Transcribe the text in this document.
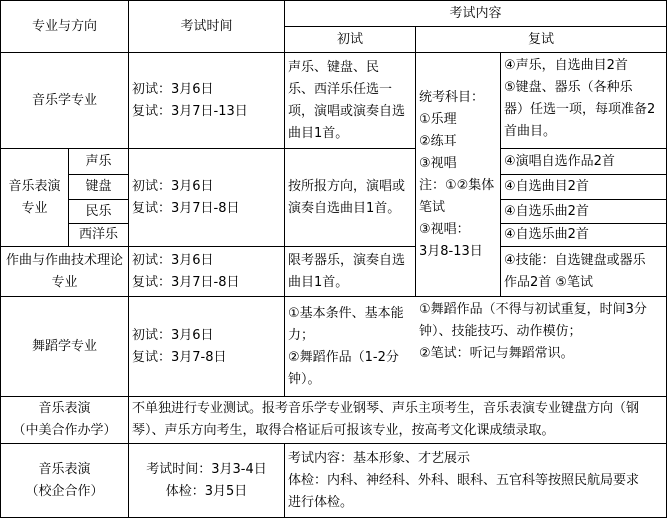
专业与方向	考试时间
考试内容
初试	复试
音乐学专业
初试：3月6日
复试：3月7日-13日
声乐、键盘、民
乐、西洋乐任选一
项，演唱或演奏自选
曲目1首。
④声乐，自选曲目2首
⑤键盘、器乐（各种乐
器）任选一项，每项准备2
首曲目。
统考科目：
①乐理
②练耳
③视唱
注：①②集体
笔试
③视唱：
3月8-13日
音乐表演
专业
声乐
键盘
民乐
西洋乐
初试：3月6日
复试：3月7日-8日
按所报方向，演唱或
演奏自选曲目1首。
④演唱自选作品2首
④自选曲目2首
④自选乐曲2首
④自选乐曲2首
作曲与作曲技术理论
专业
初试：3月6日
复试：3月7日-8日
限考器乐，演奏自选
曲目1首。
④技能：自选键盘或器乐
作品2首 ⑤笔试
舞蹈学专业
初试：3月6日
复试：3月7-8日
①基本条件、基本能
力；
②舞蹈作品（1-2分
钟）。
①舞蹈作品（不得与初试重复，时间3分
钟）、技能技巧、动作模仿；
②笔试：听记与舞蹈常识。
音乐表演
（中美合作办学）
不单独进行专业测试。报考音乐学专业钢琴、声乐主项考生，音乐表演专业键盘方向（钢琴）、声乐方向考生，取得合格证后可报该专业，按高考文化课成绩录取。
音乐表演
（校企合作）
考试时间：3月3-4日
体检：3月5日
考试内容：基本形象、才艺展示
体检：内科、神经科、外科、眼科、五官科等按照民航局要求
进行体检。
